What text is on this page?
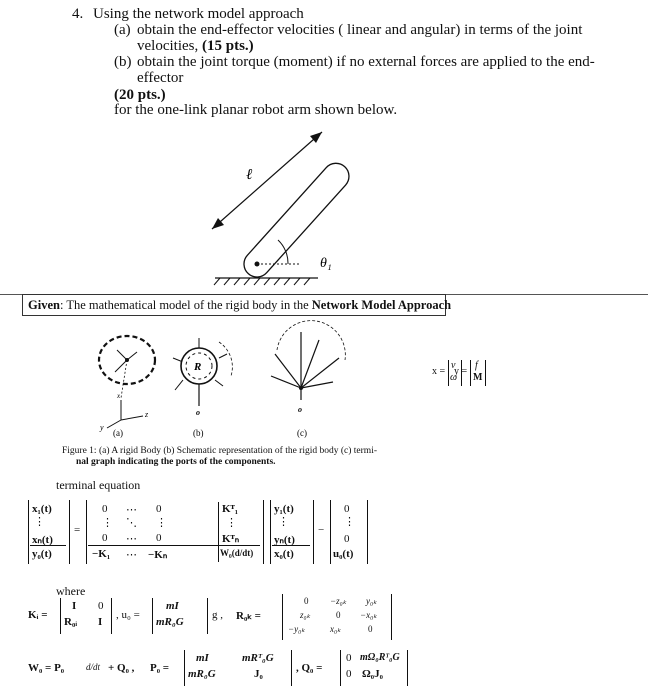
4. Using the network model approach
(a) obtain the end-effector velocities ( linear and angular) in terms of the joint
velocities, (15 pts.)
(b) obtain the joint torque (moment) if no external forces are applied to the end-
effector
(20 pts.)
for the one-link planar robot arm shown below.
ℓ
θ₁
Given: The mathematical model of the rigid body in the Network Model Approach
y
z
x
R
o	o
(a)	(b)	(c)
x =
v
ω
y =
f
M
Figure 1: (a) A rigid Body (b) Schematic representation of the rigid body (c) termi-
nal graph indicating the ports of the components.
terminal equation
x₁(t)
⋮
xₙ(t)
y₀(t)
=
0 ⋯ 0	Kᵀ₁
⋮ ⋱ ⋮	⋮
0 ⋯ 0	Kᵀₙ
−K₁ ⋯ −Kₙ	W₀(d/dt)
y₁(t)
⋮
yₙ(t)
x₀(t)
−
0
⋮
0
u₀(t)
where
Kᵢ =
I 0
R₀ᵢ I
, u₀ =
mI
mR₀G
g , R₀ₖ =
0 −z₀ₖ y₀ₖ
z₀ₖ	0 −x₀ₖ
−y₀ₖ	x₀ₖ	0
W₀ = P₀ d/dt + Q₀ , P₀ =
mI	mRᵀ₀G
mR₀G	J₀	, Q₀ =
0 mΩ₀Rᵀ₀G
0 Ω₀J₀
